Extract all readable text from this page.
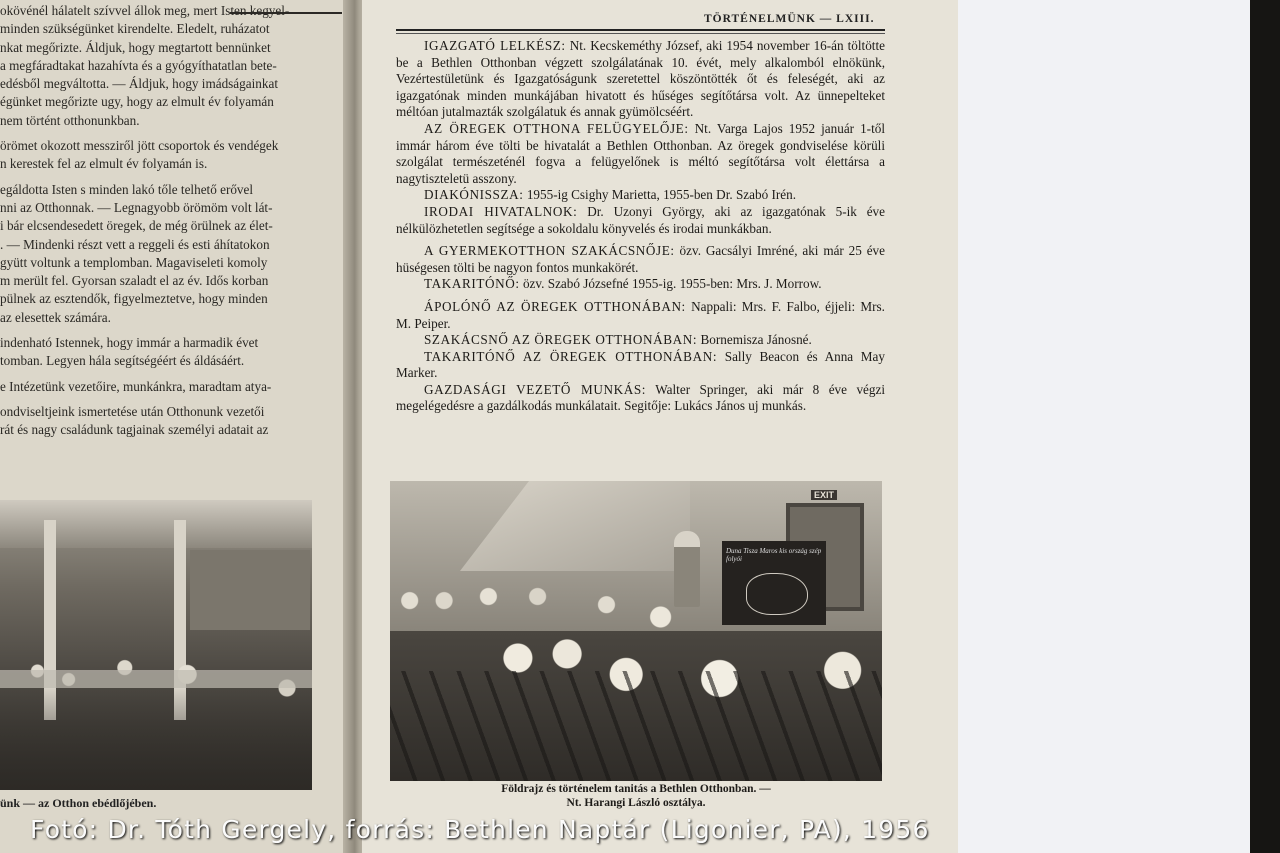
okövénél hálatelt szívvel állok meg, mert Isten kegyel-
minden szükségünket kirendelte. Eledelt, ruházatot
nkat megőrizte. Áldjuk, hogy megtartott bennünket
a megfáradtakat hazahívta és a gyógyíthatatlan bete-
edésből megváltotta. — Áldjuk, hogy imádságainkat
égünket megőrizte ugy, hogy az elmult év folyamán
nem történt otthonunkban.
örömet okozott messziről jött csoportok és vendégek
n kerestek fel az elmult év folyamán is.
egáldotta Isten s minden lakó tőle telhető erővel
nni az Otthonnak. — Legnagyobb örömöm volt lát-
i bár elcsendesedett öregek, de még örülnek az élet-
. — Mindenki részt vett a reggeli és esti áhítatokon
gyütt voltunk a templomban. Magaviseleti komoly
m merült fel. Gyorsan szaladt el az év. Idős korban
pülnek az esztendők, figyelmeztetve, hogy minden
az elesettek számára.
indenható Istennek, hogy immár a harmadik évet
tomban. Legyen hála segítségéért és áldásáért.
e Intézetünk vezetőire, munkánkra, maradtam atya-
ondviseltjeink ismertetése után Otthonunk vezetői
rát és nagy családunk tagjainak személyi adatait az
ünk — az Otthon ebédlőjében.
TÖRTÉNELMÜNK — LXIII.

IGAZGATÓ LELKÉSZ: Nt. Kecskeméthy József, aki 1954 november 16-án töltötte be a Bethlen Otthonban végzett szolgálatának 10. évét, mely alkalomból elnökünk, Vezértestületünk és Igazgatóságunk szeretettel köszöntötték őt és feleségét, aki az igazgatónak minden munkájában hivatott és hűséges segítőtársa volt. Az ünnepelteket méltóan jutalmazták szolgálatuk és annak gyümölcséért.

AZ ÖREGEK OTTHONA FELÜGYELŐJE: Nt. Varga Lajos 1952 január 1-től immár három éve tölti be hivatalát a Bethlen Otthonban. Az öregek gondviselése körüli szolgálat természeténél fogva a felügyelőnek is méltó segítőtársa volt élettársa a nagytiszteletü asszony.

DIAKÓNISSZA: 1955-ig Csighy Marietta, 1955-ben Dr. Szabó Irén.

IRODAI HIVATALNOK: Dr. Uzonyi György, aki az igazgatónak 5-ik éve nélkülözhetetlen segítsége a sokoldalu könyvelés és irodai munkákban.

A GYERMEKOTTHON SZAKÁCSNŐJE: özv. Gacsályi Imréné, aki már 25 éve hüségesen tölti be nagyon fontos munkakörét.

TAKARITÓNŐ: özv. Szabó Józsefné 1955-ig. 1955-ben: Mrs. J. Morrow.

ÁPOLÓNŐ AZ ÖREGEK OTTHONÁBAN: Nappali: Mrs. F. Falbo, éjjeli: Mrs. M. Peiper.

SZAKÁCSNŐ AZ ÖREGEK OTTHONÁBAN: Bornemisza Jánosné.

TAKARITÓNŐ AZ ÖREGEK OTTHONÁBAN: Sally Beacon és Anna May Marker.

GAZDASÁGI VEZETŐ MUNKÁS: Walter Springer, aki már 8 éve végzi megelégedésre a gazdálkodás munkálatait. Segitője: Lukács János uj munkás.

EXIT
Duna Tisza Maros kis ország szép folyói
Földrajz és történelem tanitás a Bethlen Otthonban. —
Nt. Harangi László osztálya.
Fotó: Dr. Tóth Gergely, forrás: Bethlen Naptár (Ligonier, PA), 1956
